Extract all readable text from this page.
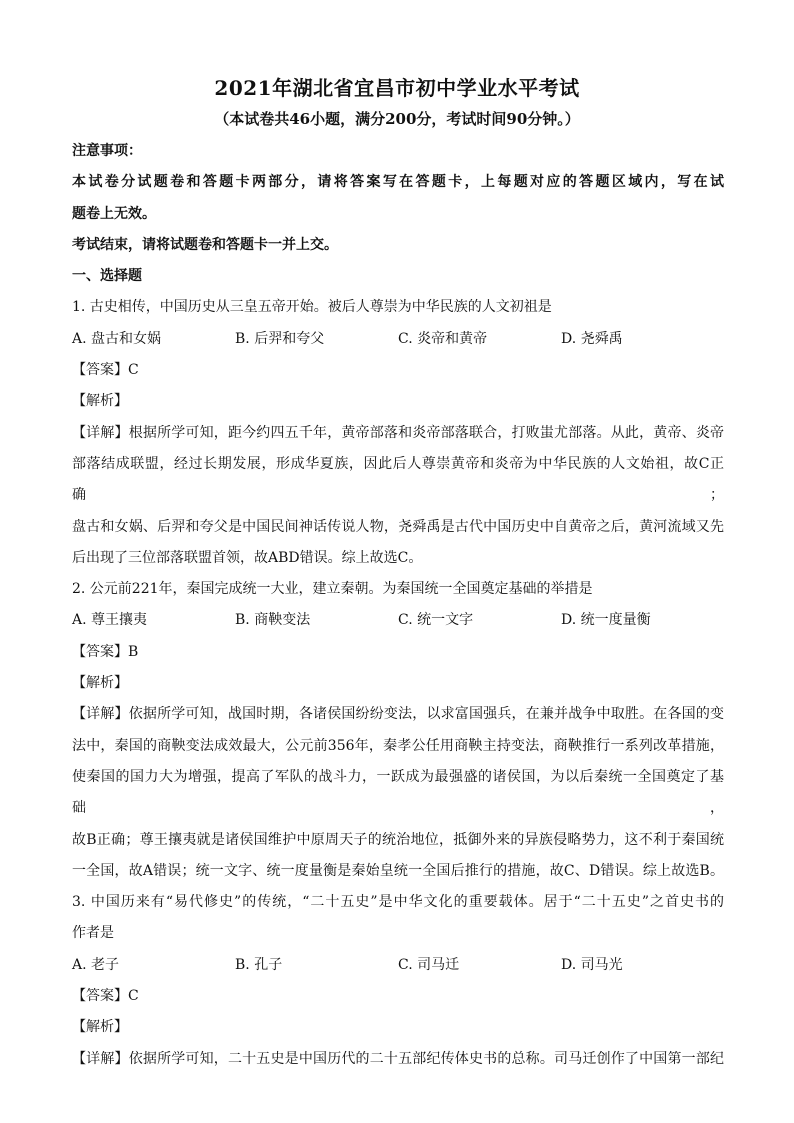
2021年湖北省宜昌市初中学业水平考试
（本试卷共46小题，满分200分，考试时间90分钟。）

注意事项：

本试卷分试题卷和答题卡两部分，请将答案写在答题卡，上每题对应的答题区域内，写在试

题卷上无效。

考试结束，请将试题卷和答题卡一并上交。

一、选择题

1. 古史相传，中国历史从三皇五帝开始。被后人尊崇为中华民族的人文初祖是

A. 盘古和女娲	B. 后羿和夸父	C. 炎帝和黄帝	D. 尧舜禹

【答案】C

【解析】

【详解】根据所学可知，距今约四五千年，黄帝部落和炎帝部落联合，打败蚩尤部落。从此，黄帝、炎帝

部落结成联盟，经过长期发展，形成华夏族，因此后人尊崇黄帝和炎帝为中华民族的人文始祖，故C正确；

盘古和女娲、后羿和夸父是中国民间神话传说人物，尧舜禹是古代中国历史中自黄帝之后，黄河流域又先

后出现了三位部落联盟首领，故ABD错误。综上故选C。

2. 公元前221年，秦国完成统一大业，建立秦朝。为秦国统一全国奠定基础的举措是

A. 尊王攘夷	B. 商鞅变法	C. 统一文字	D. 统一度量衡

【答案】B

【解析】

【详解】依据所学可知，战国时期，各诸侯国纷纷变法，以求富国强兵，在兼并战争中取胜。在各国的变

法中，秦国的商鞅变法成效最大，公元前356年，秦孝公任用商鞅主持变法，商鞅推行一系列改革措施，

使秦国的国力大为增强，提高了军队的战斗力，一跃成为最强盛的诸侯国，为以后秦统一全国奠定了基础，

故B正确；尊王攘夷就是诸侯国维护中原周天子的统治地位，抵御外来的异族侵略势力，这不利于秦国统

一全国，故A错误；统一文字、统一度量衡是秦始皇统一全国后推行的措施，故C、D错误。综上故选B。

3. 中国历来有“易代修史”的传统，“二十五史”是中华文化的重要载体。居于“二十五史”之首史书的

作者是

A. 老子	B. 孔子	C. 司马迁	D. 司马光

【答案】C

【解析】

【详解】依据所学可知，二十五史是中国历代的二十五部纪传体史书的总称。司马迁创作了中国第一部纪
